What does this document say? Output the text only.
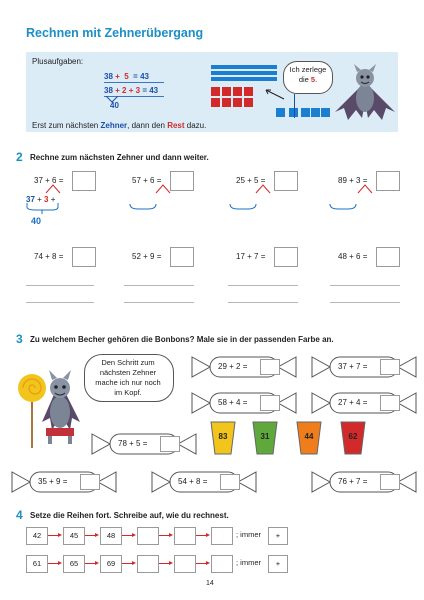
Rechnen mit Zehnerübergang
Plusaufgaben:
38 + 5 = 43
38 + 2 + 3 = 43
40
Ich zerlege
die 5.
Erst zum nächsten Zehner, dann den Rest dazu.
2 Rechne zum nächsten Zehner und dann weiter.
37 + 6 =	57 + 6 =	25 + 5 =	89 + 3 =
74 + 8 =	52 + 9 =	17 + 7 =	48 + 6 =
37 + 3 +
40
3 Zu welchem Becher gehören die Bonbons? Male sie in der passenden Farbe an.
Den Schritt zum
nächsten Zehner
mache ich nur noch
im Kopf.
29 + 2 =	37 + 7 =
58 + 4 =	27 + 4 =
78 + 5 =
35 + 9 =	54 + 8 =	76 + 7 =
83	31	44	62
4 Setze die Reihen fort. Schreibe auf, wie du rechnest.
42	45	48	; immer	+
61	65	69	; immer	+
14
